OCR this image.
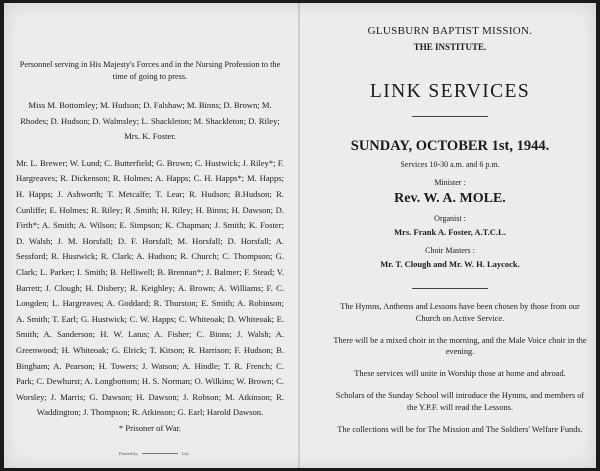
Personnel serving in His Majesty's Forces and in the Nursing Profession to the time of going to press.

Miss M. Bottomley; M. Hudson; D. Falshaw; M. Binns; D. Brown; M. Rhodes; D. Hudson; D. Walmsley; L. Shackleton; M. Shackleton; D. Riley; Mrs. K. Foster.

Mr. L. Brewer; W. Lund; C. Butterfield; G. Brown; C. Hustwick; J. Riley*; F. Hargreaves; R. Dickenson; R. Holmes; A. Happs; C. H. Happs*; M. Happs; H. Happs; J. Ashworth; T. Metcalfe; T. Lear; R. Hudson; B.Hudson; R. Cunliffe; E. Holmes; R. Riley; R .Smith; H. Riley; H. Binns; H. Dawson; D. Firth*; A. Smith; A. Wilson; E. Simpson; K. Chapman; J. Smith; K. Foster; D. Walsh; J. M. Horsfall; D. F. Horsfall; M. Horsfall; D. Horsfall; A. Sessford; R. Hustwick; R. Clark; A. Hudson; R. Church; C. Thompson; G. Clark; L. Parker; I. Smith; B. Helliwell; B. Brennan*; J. Balmer; F. Stead; V. Barrett; J. Clough; H. Disbery; R. Keighley; A. Brown; A. Williams; F. C. Longden; L. Hargreaves; A. Goddard; R. Thurston; E. Smith; A. Robinson; A. Smith; T. Earl; G. Hustwick; C. W. Happs; C. Whiteoak; D. Whiteoak; E. Smith; A. Sanderson; H. W. Latus; A. Fisher; C. Binns; J. Walsh; A. Greenwood; H. Whiteoak; G. Elrick; T. Kitson; R. Harrison; F. Hudson; B. Bingham; A. Pearson; H. Towers; J. Watson; A. Hindle; T. R. French; C. Park; C. Dewhurst; A. Longbottom; H. S. Norman; O. Wilkins; W. Brown; C. Worsley; J. Marris; G. Dawson; H. Dawson; J. Robson; M. Atkinson; R. Waddington; J. Thompson; R. Atkinson; G. Earl; Harold Dawson.
* Prisoner of War.

Printed by	Ltd.
GLUSBURN BAPTIST MISSION.
THE INSTITUTE.
LINK SERVICES
SUNDAY, OCTOBER 1st, 1944.
Services 10-30 a.m. and 6 p.m.
Minister :
Rev. W. A. MOLE.
Organist :
Mrs. Frank A. Foster, A.T.C.L.
Choir Masters :
Mr. T. Clough and Mr. W. H. Laycock.

The Hymns, Anthems and Lessons have been chosen by those from our Church on Active Service.

There will be a mixed choir in the morning, and the Male Voice choir in the evening.

These services will unite in Worship those at home and abroad.

Scholars of the Sunday School will introduce the Hymns, and members of the Y.P.F. will read the Lessons.

The collections will be for The Mission and The Soldiers' Welfare Funds.
